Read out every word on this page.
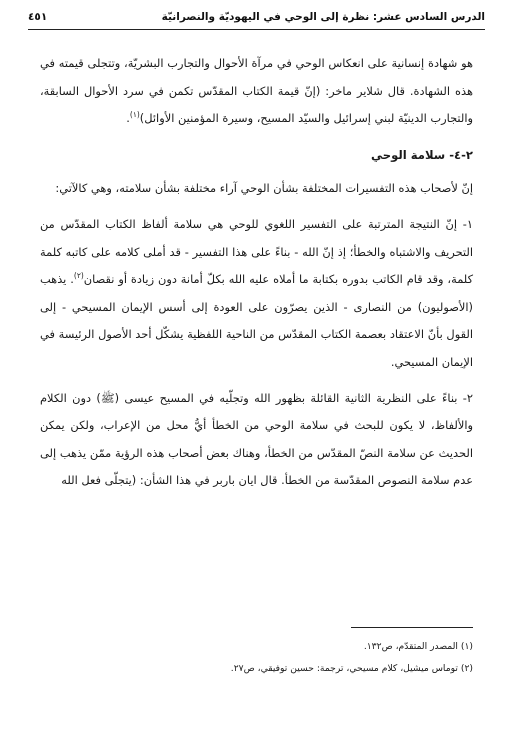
الدرس السادس عشر: نظرة إلى الوحي في اليهوديّة والنصرانيّة
٤٥١

هو شهادة إنسانية على انعكاس الوحي في مرآة الأحوال والتجارب البشريّة، وتتجلى قيمته في هذه الشهادة. قال شلاير ماخر: (إنّ قيمة الكتاب المقدّس تكمن في سرد الأحوال السابقة، والتجارب الدينيّة لبني إسرائيل والسيّد المسيح، وسيرة المؤمنين الأوائل)$^{(١)}$.

٢-٤- سلامة الوحي

إنّ لأصحاب هذه التفسيرات المختلفة بشأن الوحي آراء مختلفة بشأن سلامته، وهي كالآتي:

١- إنّ النتيجة المترتبة على التفسير اللغوي للوحي هي سلامة ألفاظ الكتاب المقدّس من التحريف والاشتباه والخطأ؛ إذ إنّ الله - بناءً على هذا التفسير - قد أملى كلامه على كاتبه كلمة كلمة، وقد قام الكاتب بدوره بكتابة ما أملاه عليه الله بكلّ أمانة دون زيادة أو نقصان$^{(٢)}$. يذهب (الأصوليون) من النصارى - الذين يصرّون على العودة إلى أسس الإيمان المسيحي - إلى القول بأنّ الاعتقاد بعصمة الكتاب المقدّس من الناحية اللفظية يشكّل أحد الأصول الرئيسة في الإيمان المسيحي.

٢- بناءً على النظرية الثانية القائلة بظهور الله وتجلّيه في المسيح عيسى (ﷺ) دون الكلام والألفاظ، لا يكون للبحث في سلامة الوحي من الخطأ أيُّ محل من الإعراب، ولكن يمكن الحديث عن سلامة النصّ المقدّس من الخطأ، وهناك بعض أصحاب هذه الرؤية ممّن يذهب إلى عدم سلامة النصوص المقدّسة من الخطأ. قال ايان باربر في هذا الشأن: (يتجلّى فعل الله

(١) المصدر المتقدّم، ص١٣٢.

(٢) توماس ميشيل، كلام مسيحي، ترجمة: حسين توفيقي، ص٢٧.
